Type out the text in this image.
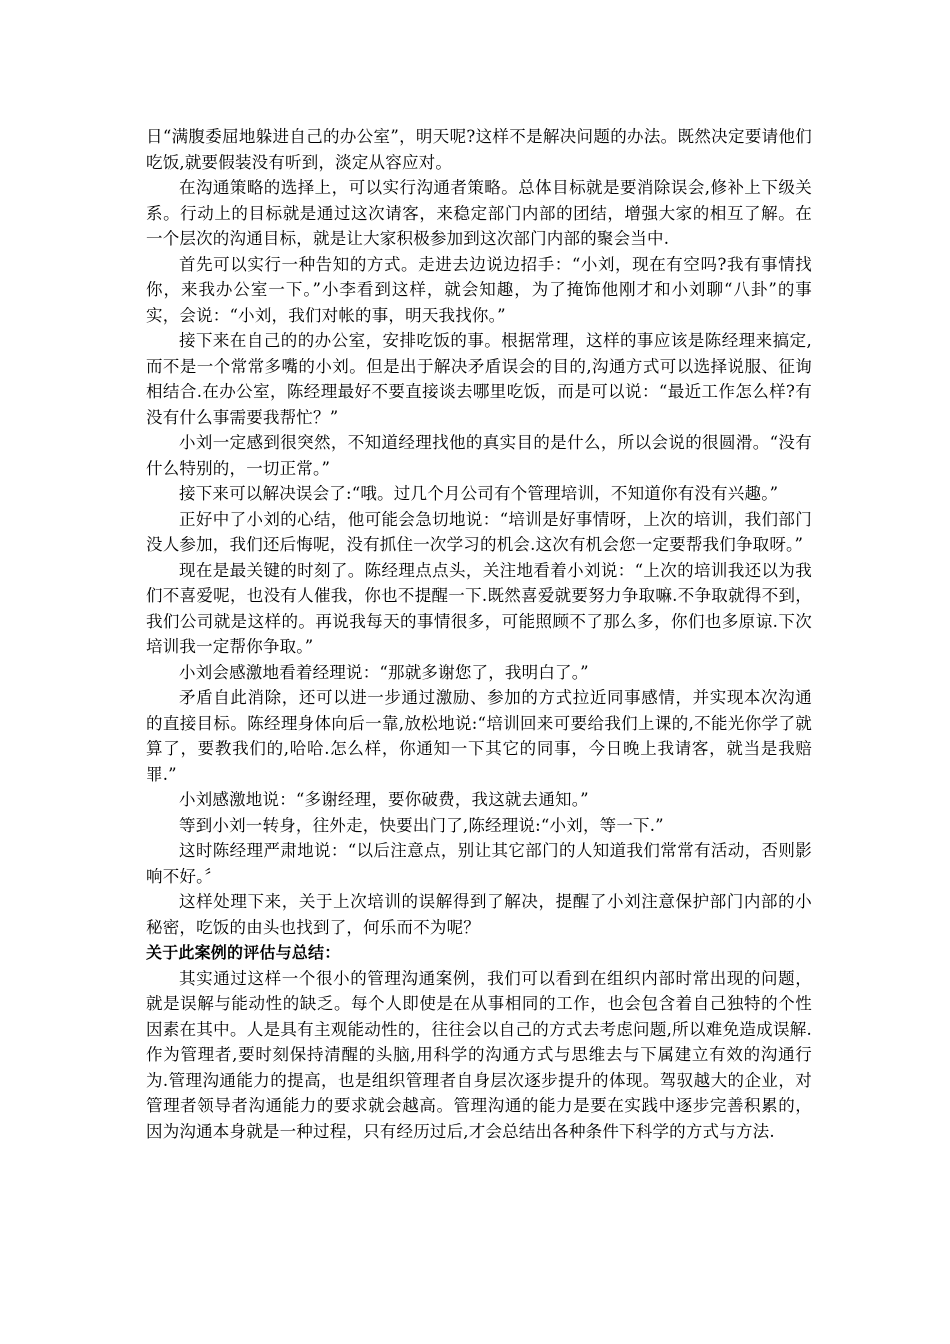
日“满腹委屈地躲进自己的办公室”，明天呢?这样不是解决问题的办法。既然决定要请他们吃饭,就要假装没有听到，淡定从容应对。

在沟通策略的选择上，可以实行沟通者策略。总体目标就是要消除误会,修补上下级关系。行动上的目标就是通过这次请客，来稳定部门内部的团结，增强大家的相互了解。在一个层次的沟通目标，就是让大家积极参加到这次部门内部的聚会当中.

首先可以实行一种告知的方式。走进去边说边招手：“小刘，现在有空吗?我有事情找你，来我办公室一下。”小李看到这样，就会知趣，为了掩饰他刚才和小刘聊“八卦”的事实，会说：“小刘，我们对帐的事，明天我找你。”

接下来在自己的的办公室，安排吃饭的事。根据常理，这样的事应该是陈经理来搞定,而不是一个常常多嘴的小刘。但是出于解决矛盾误会的目的,沟通方式可以选择说服、征询相结合.在办公室，陈经理最好不要直接谈去哪里吃饭，而是可以说：“最近工作怎么样?有没有什么事需要我帮忙？”

小刘一定感到很突然，不知道经理找他的真实目的是什么，所以会说的很圆滑。“没有什么特别的，一切正常。”

接下来可以解决误会了:“哦。过几个月公司有个管理培训，不知道你有没有兴趣。”

正好中了小刘的心结，他可能会急切地说：“培训是好事情呀，上次的培训，我们部门没人参加，我们还后悔呢，没有抓住一次学习的机会.这次有机会您一定要帮我们争取呀。”

现在是最关键的时刻了。陈经理点点头，关注地看着小刘说：“上次的培训我还以为我们不喜爱呢，也没有人催我，你也不提醒一下.既然喜爱就要努力争取嘛.不争取就得不到，我们公司就是这样的。再说我每天的事情很多，可能照顾不了那么多，你们也多原谅.下次培训我一定帮你争取。”

小刘会感激地看着经理说：“那就多谢您了，我明白了。”

矛盾自此消除，还可以进一步通过激励、参加的方式拉近同事感情，并实现本次沟通的直接目标。陈经理身体向后一靠,放松地说:“培训回来可要给我们上课的,不能光你学了就算了，要教我们的,哈哈.怎么样，你通知一下其它的同事，今日晚上我请客，就当是我赔罪.”

小刘感激地说：“多谢经理，要你破费，我这就去通知。”

等到小刘一转身，往外走，快要出门了,陈经理说:“小刘，等一下.”

这时陈经理严肃地说：“以后注意点，别让其它部门的人知道我们常常有活动，否则影响不好。〞

这样处理下来，关于上次培训的误解得到了解决，提醒了小刘注意保护部门内部的小秘密，吃饭的由头也找到了，何乐而不为呢？

关于此案例的评估与总结：

其实通过这样一个很小的管理沟通案例，我们可以看到在组织内部时常出现的问题，就是误解与能动性的缺乏。每个人即使是在从事相同的工作，也会包含着自己独特的个性因素在其中。人是具有主观能动性的，往往会以自己的方式去考虑问题,所以难免造成误解.作为管理者,要时刻保持清醒的头脑,用科学的沟通方式与思维去与下属建立有效的沟通行为.管理沟通能力的提高，也是组织管理者自身层次逐步提升的体现。驾驭越大的企业，对管理者领导者沟通能力的要求就会越高。管理沟通的能力是要在实践中逐步完善积累的，因为沟通本身就是一种过程，只有经历过后,才会总结出各种条件下科学的方式与方法.
